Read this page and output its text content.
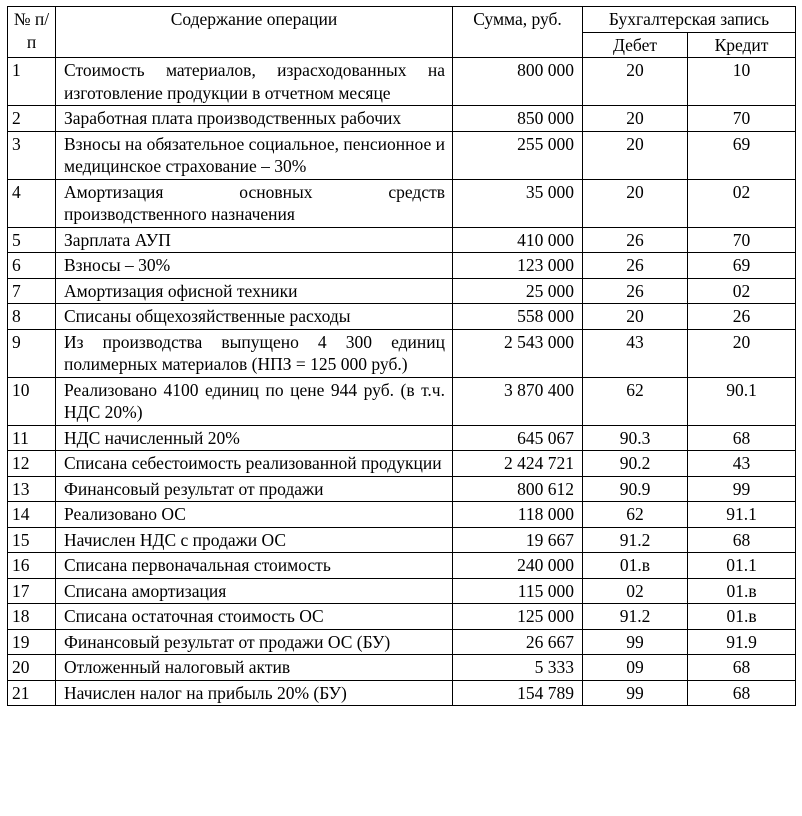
№ п/п	Содержание операции	Сумма, руб.	Бухгалтерская запись	
			Дебет	Кредит
1	Стоимость материалов, израсходованных на изготовление продукции в отчетном месяце	800 000	20	10
2	Заработная плата производственных рабочих	850 000	20	70
3	Взносы на обязательное социальное, пенсионное и медицинское страхование – 30%	255 000	20	69
4	Амортизация основных средств производственного назначения	35 000	20	02
5	Зарплата АУП	410 000	26	70
6	Взносы – 30%	123 000	26	69
7	Амортизация офисной техники	25 000	26	02
8	Списаны общехозяйственные расходы	558 000	20	26
9	Из производства выпущено 4 300 единиц полимерных материалов (НПЗ = 125 000 руб.)	2 543 000	43	20
10	Реализовано 4100 единиц по цене 944 руб. (в т.ч. НДС 20%)	3 870 400	62	90.1
11	НДС начисленный 20%	645 067	90.3	68
12	Списана себестоимость реализованной продукции	2 424 721	90.2	43
13	Финансовый результат от продажи	800 612	90.9	99
14	Реализовано ОС	118 000	62	91.1
15	Начислен НДС с продажи ОС	19 667	91.2	68
16	Списана первоначальная стоимость	240 000	01.в	01.1
17	Списана амортизация	115 000	02	01.в
18	Списана остаточная стоимость ОС	125 000	91.2	01.в
19	Финансовый результат от продажи ОС (БУ)	26 667	99	91.9
20	Отложенный налоговый актив	5 333	09	68
21	Начислен налог на прибыль 20% (БУ)	154 789	99	68
